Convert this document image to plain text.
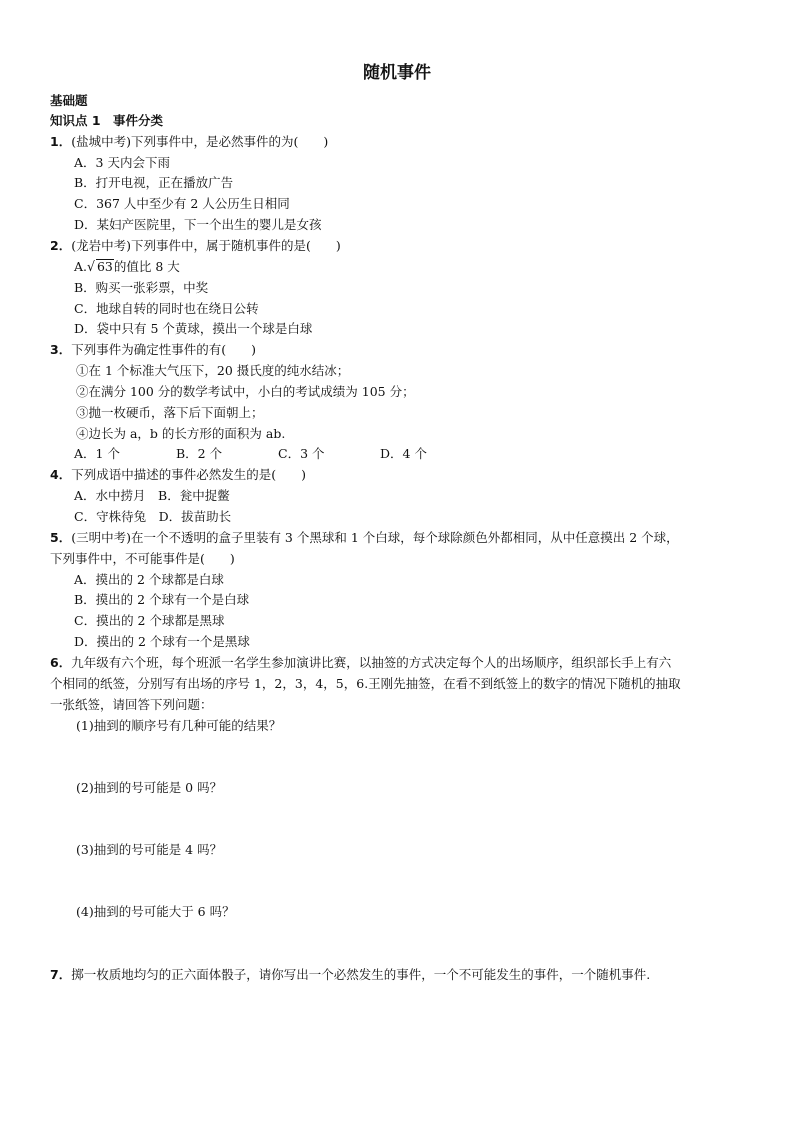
随机事件
基础题
知识点 1　事件分类
1．(盐城中考)下列事件中，是必然事件的为(　　)
A．3 天内会下雨
B．打开电视，正在播放广告
C．367 人中至少有 2 人公历生日相同
D．某妇产医院里，下一个出生的婴儿是女孩
2．(龙岩中考)下列事件中，属于随机事件的是(　　)
A.√ 63的值比 8 大
B．购买一张彩票，中奖
C．地球自转的同时也在绕日公转
D．袋中只有 5 个黄球，摸出一个球是白球
3．下列事件为确定性事件的有(　　)
①在 1 个标准大气压下，20 摄氏度的纯水结冰；
②在满分 100 分的数学考试中，小白的考试成绩为 105 分；
③抛一枚硬币，落下后下面朝上；
④边长为 a，b 的长方形的面积为 ab.
A．1 个	B．2 个	C．3 个	D．4 个
4．下列成语中描述的事件必然发生的是(　　)
A．水中捞月　B．瓮中捉鳖
C．守株待兔　D．拔苗助长
5．(三明中考)在一个不透明的盒子里装有 3 个黑球和 1 个白球，每个球除颜色外都相同，从中任意摸出 2 个球，
下列事件中，不可能事件是(　　)
A．摸出的 2 个球都是白球
B．摸出的 2 个球有一个是白球
C．摸出的 2 个球都是黑球
D．摸出的 2 个球有一个是黑球
6．九年级有六个班，每个班派一名学生参加演讲比赛，以抽签的方式决定每个人的出场顺序，组织部长手上有六
个相同的纸签，分别写有出场的序号 1，2，3，4，5，6.王刚先抽签，在看不到纸签上的数字的情况下随机的抽取
一张纸签，请回答下列问题：
(1)抽到的顺序号有几种可能的结果？
(2)抽到的号可能是 0 吗？
(3)抽到的号可能是 4 吗？
(4)抽到的号可能大于 6 吗？
7．掷一枚质地均匀的正六面体骰子，请你写出一个必然发生的事件，一个不可能发生的事件，一个随机事件.
